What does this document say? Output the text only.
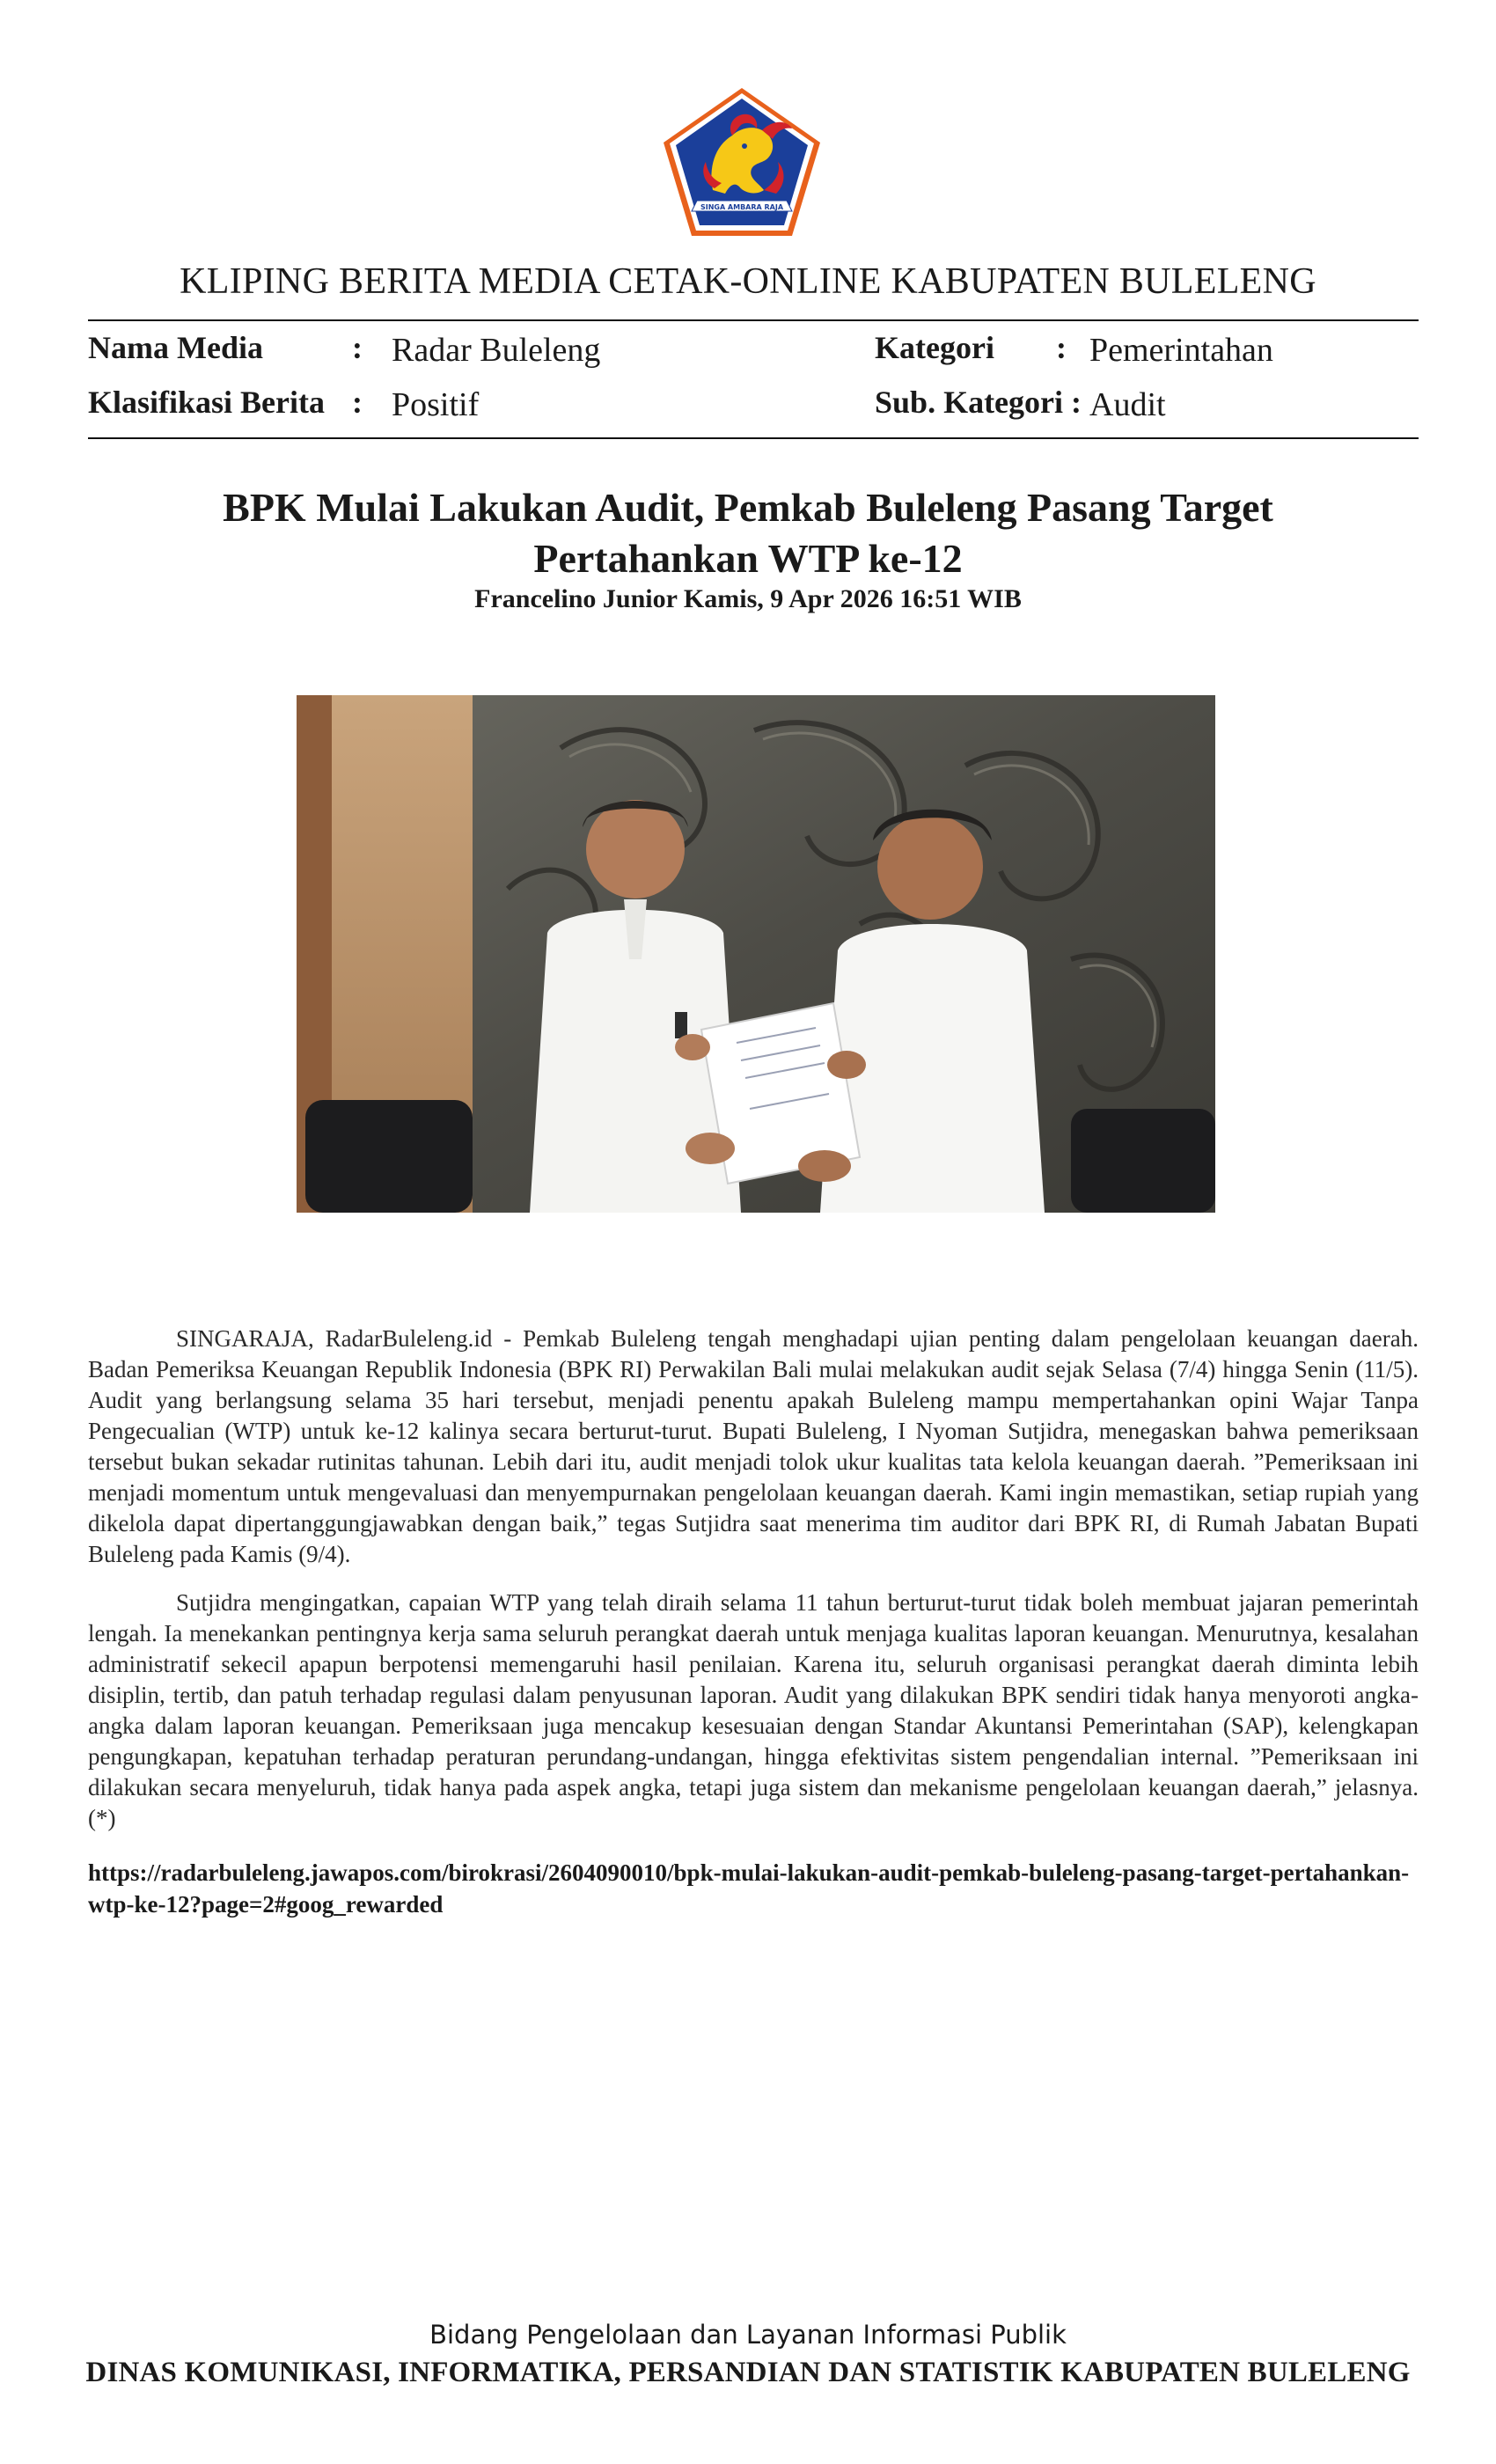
SINGA AMBARA RAJA
KLIPING BERITA MEDIA CETAK-ONLINE KABUPATEN BULELENG
Nama Media	: Radar Buleleng
Klasifikasi Berita : Positif
Kategori : Pemerintahan
Sub. Kategori : Audit
BPK Mulai Lakukan Audit, Pemkab Buleleng Pasang Target Pertahankan WTP ke-12
Francelino Junior Kamis, 9 Apr 2026 16:51 WIB

SINGARAJA, RadarBuleleng.id - Pemkab Buleleng tengah menghadapi ujian penting dalam pengelolaan keuangan daerah. Badan Pemeriksa Keuangan Republik Indonesia (BPK RI) Perwakilan Bali mulai melakukan audit sejak Selasa (7/4) hingga Senin (11/5). Audit yang berlangsung selama 35 hari tersebut, menjadi penentu apakah Buleleng mampu mempertahankan opini Wajar Tanpa Pengecualian (WTP) untuk ke-12 kalinya secara berturut-turut. Bupati Buleleng, I Nyoman Sutjidra, menegaskan bahwa pemeriksaan tersebut bukan sekadar rutinitas tahunan. Lebih dari itu, audit menjadi tolok ukur kualitas tata kelola keuangan daerah. ”Pemeriksaan ini menjadi momentum untuk mengevaluasi dan menyempurnakan pengelolaan keuangan daerah. Kami ingin memastikan, setiap rupiah yang dikelola dapat dipertanggungjawabkan dengan baik,” tegas Sutjidra saat menerima tim auditor dari BPK RI, di Rumah Jabatan Bupati Buleleng pada Kamis (9/4).

Sutjidra mengingatkan, capaian WTP yang telah diraih selama 11 tahun berturut-turut tidak boleh membuat jajaran pemerintah lengah. Ia menekankan pentingnya kerja sama seluruh perangkat daerah untuk menjaga kualitas laporan keuangan. Menurutnya, kesalahan administratif sekecil apapun berpotensi memengaruhi hasil penilaian. Karena itu, seluruh organisasi perangkat daerah diminta lebih disiplin, tertib, dan patuh terhadap regulasi dalam penyusunan laporan. Audit yang dilakukan BPK sendiri tidak hanya menyoroti angka-angka dalam laporan keuangan. Pemeriksaan juga mencakup kesesuaian dengan Standar Akuntansi Pemerintahan (SAP), kelengkapan pengungkapan, kepatuhan terhadap peraturan perundang-undangan, hingga efektivitas sistem pengendalian internal. ”Pemeriksaan ini dilakukan secara menyeluruh, tidak hanya pada aspek angka, tetapi juga sistem dan mekanisme pengelolaan keuangan daerah,” jelasnya. (*)

https://radarbuleleng.jawapos.com/birokrasi/2604090010/bpk-mulai-lakukan-audit-pemkab-buleleng-pasang-target-pertahankan-wtp-ke-12?page=2#goog_rewarded
Bidang Pengelolaan dan Layanan Informasi Publik
DINAS KOMUNIKASI, INFORMATIKA, PERSANDIAN DAN STATISTIK KABUPATEN BULELENG
